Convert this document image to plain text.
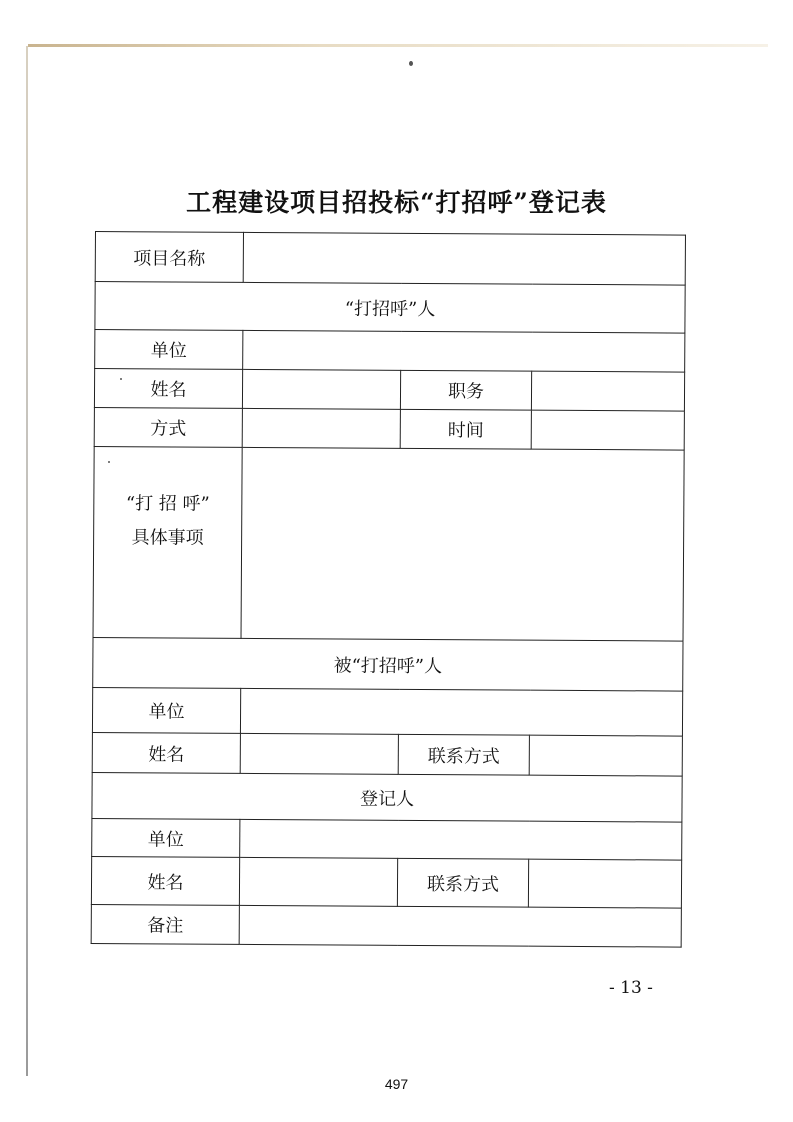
工程建设项目招投标“打招呼”登记表
项目名称			
“打招呼”人			
单位			
姓名		职务	
方式		时间	

“打 招 呼”
具体事项			

被“打招呼”人			
单位			
姓名		联系方式	
登记人			
单位			
姓名		联系方式	
备注			
- 13 -
497
